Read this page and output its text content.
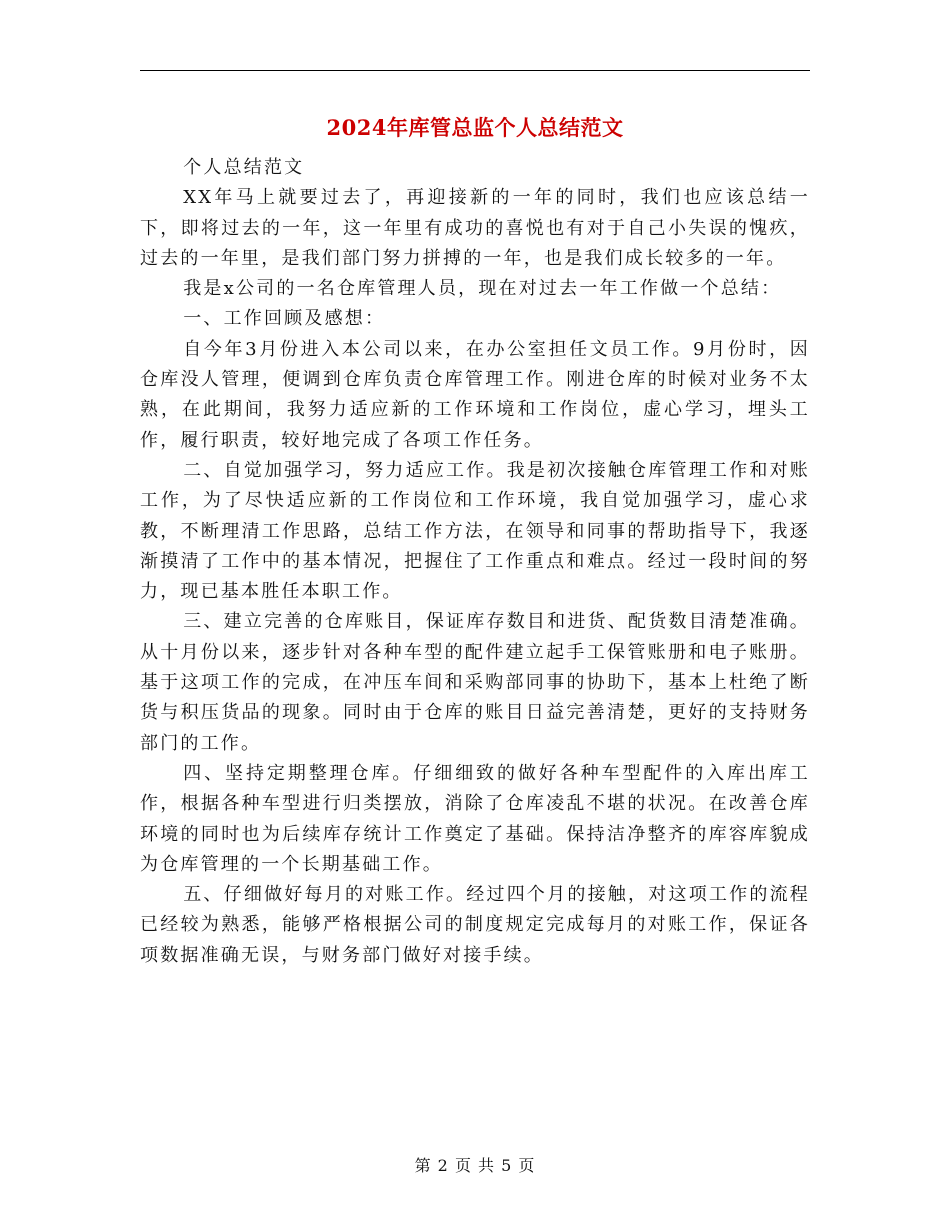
2024年库管总监个人总结范文

个人总结范文

XX年马上就要过去了，再迎接新的一年的同时，我们也应该总结一下，即将过去的一年，这一年里有成功的喜悦也有对于自己小失误的愧疚，过去的一年里，是我们部门努力拼搏的一年，也是我们成长较多的一年。

我是x公司的一名仓库管理人员，现在对过去一年工作做一个总结：

一、工作回顾及感想：

自今年3月份进入本公司以来，在办公室担任文员工作。9月份时，因仓库没人管理，便调到仓库负责仓库管理工作。刚进仓库的时候对业务不太熟，在此期间，我努力适应新的工作环境和工作岗位，虚心学习，埋头工作，履行职责，较好地完成了各项工作任务。

二、自觉加强学习，努力适应工作。我是初次接触仓库管理工作和对账工作，为了尽快适应新的工作岗位和工作环境，我自觉加强学习，虚心求教，不断理清工作思路，总结工作方法，在领导和同事的帮助指导下，我逐渐摸清了工作中的基本情况，把握住了工作重点和难点。经过一段时间的努力，现已基本胜任本职工作。

三、建立完善的仓库账目，保证库存数目和进货、配货数目清楚准确。从十月份以来，逐步针对各种车型的配件建立起手工保管账册和电子账册。基于这项工作的完成，在冲压车间和采购部同事的协助下，基本上杜绝了断货与积压货品的现象。同时由于仓库的账目日益完善清楚，更好的支持财务部门的工作。

四、坚持定期整理仓库。仔细细致的做好各种车型配件的入库出库工作，根据各种车型进行归类摆放，消除了仓库凌乱不堪的状况。在改善仓库环境的同时也为后续库存统计工作奠定了基础。保持洁净整齐的库容库貌成为仓库管理的一个长期基础工作。

五、仔细做好每月的对账工作。经过四个月的接触，对这项工作的流程已经较为熟悉，能够严格根据公司的制度规定完成每月的对账工作，保证各项数据准确无误，与财务部门做好对接手续。

第 2 页 共 5 页
